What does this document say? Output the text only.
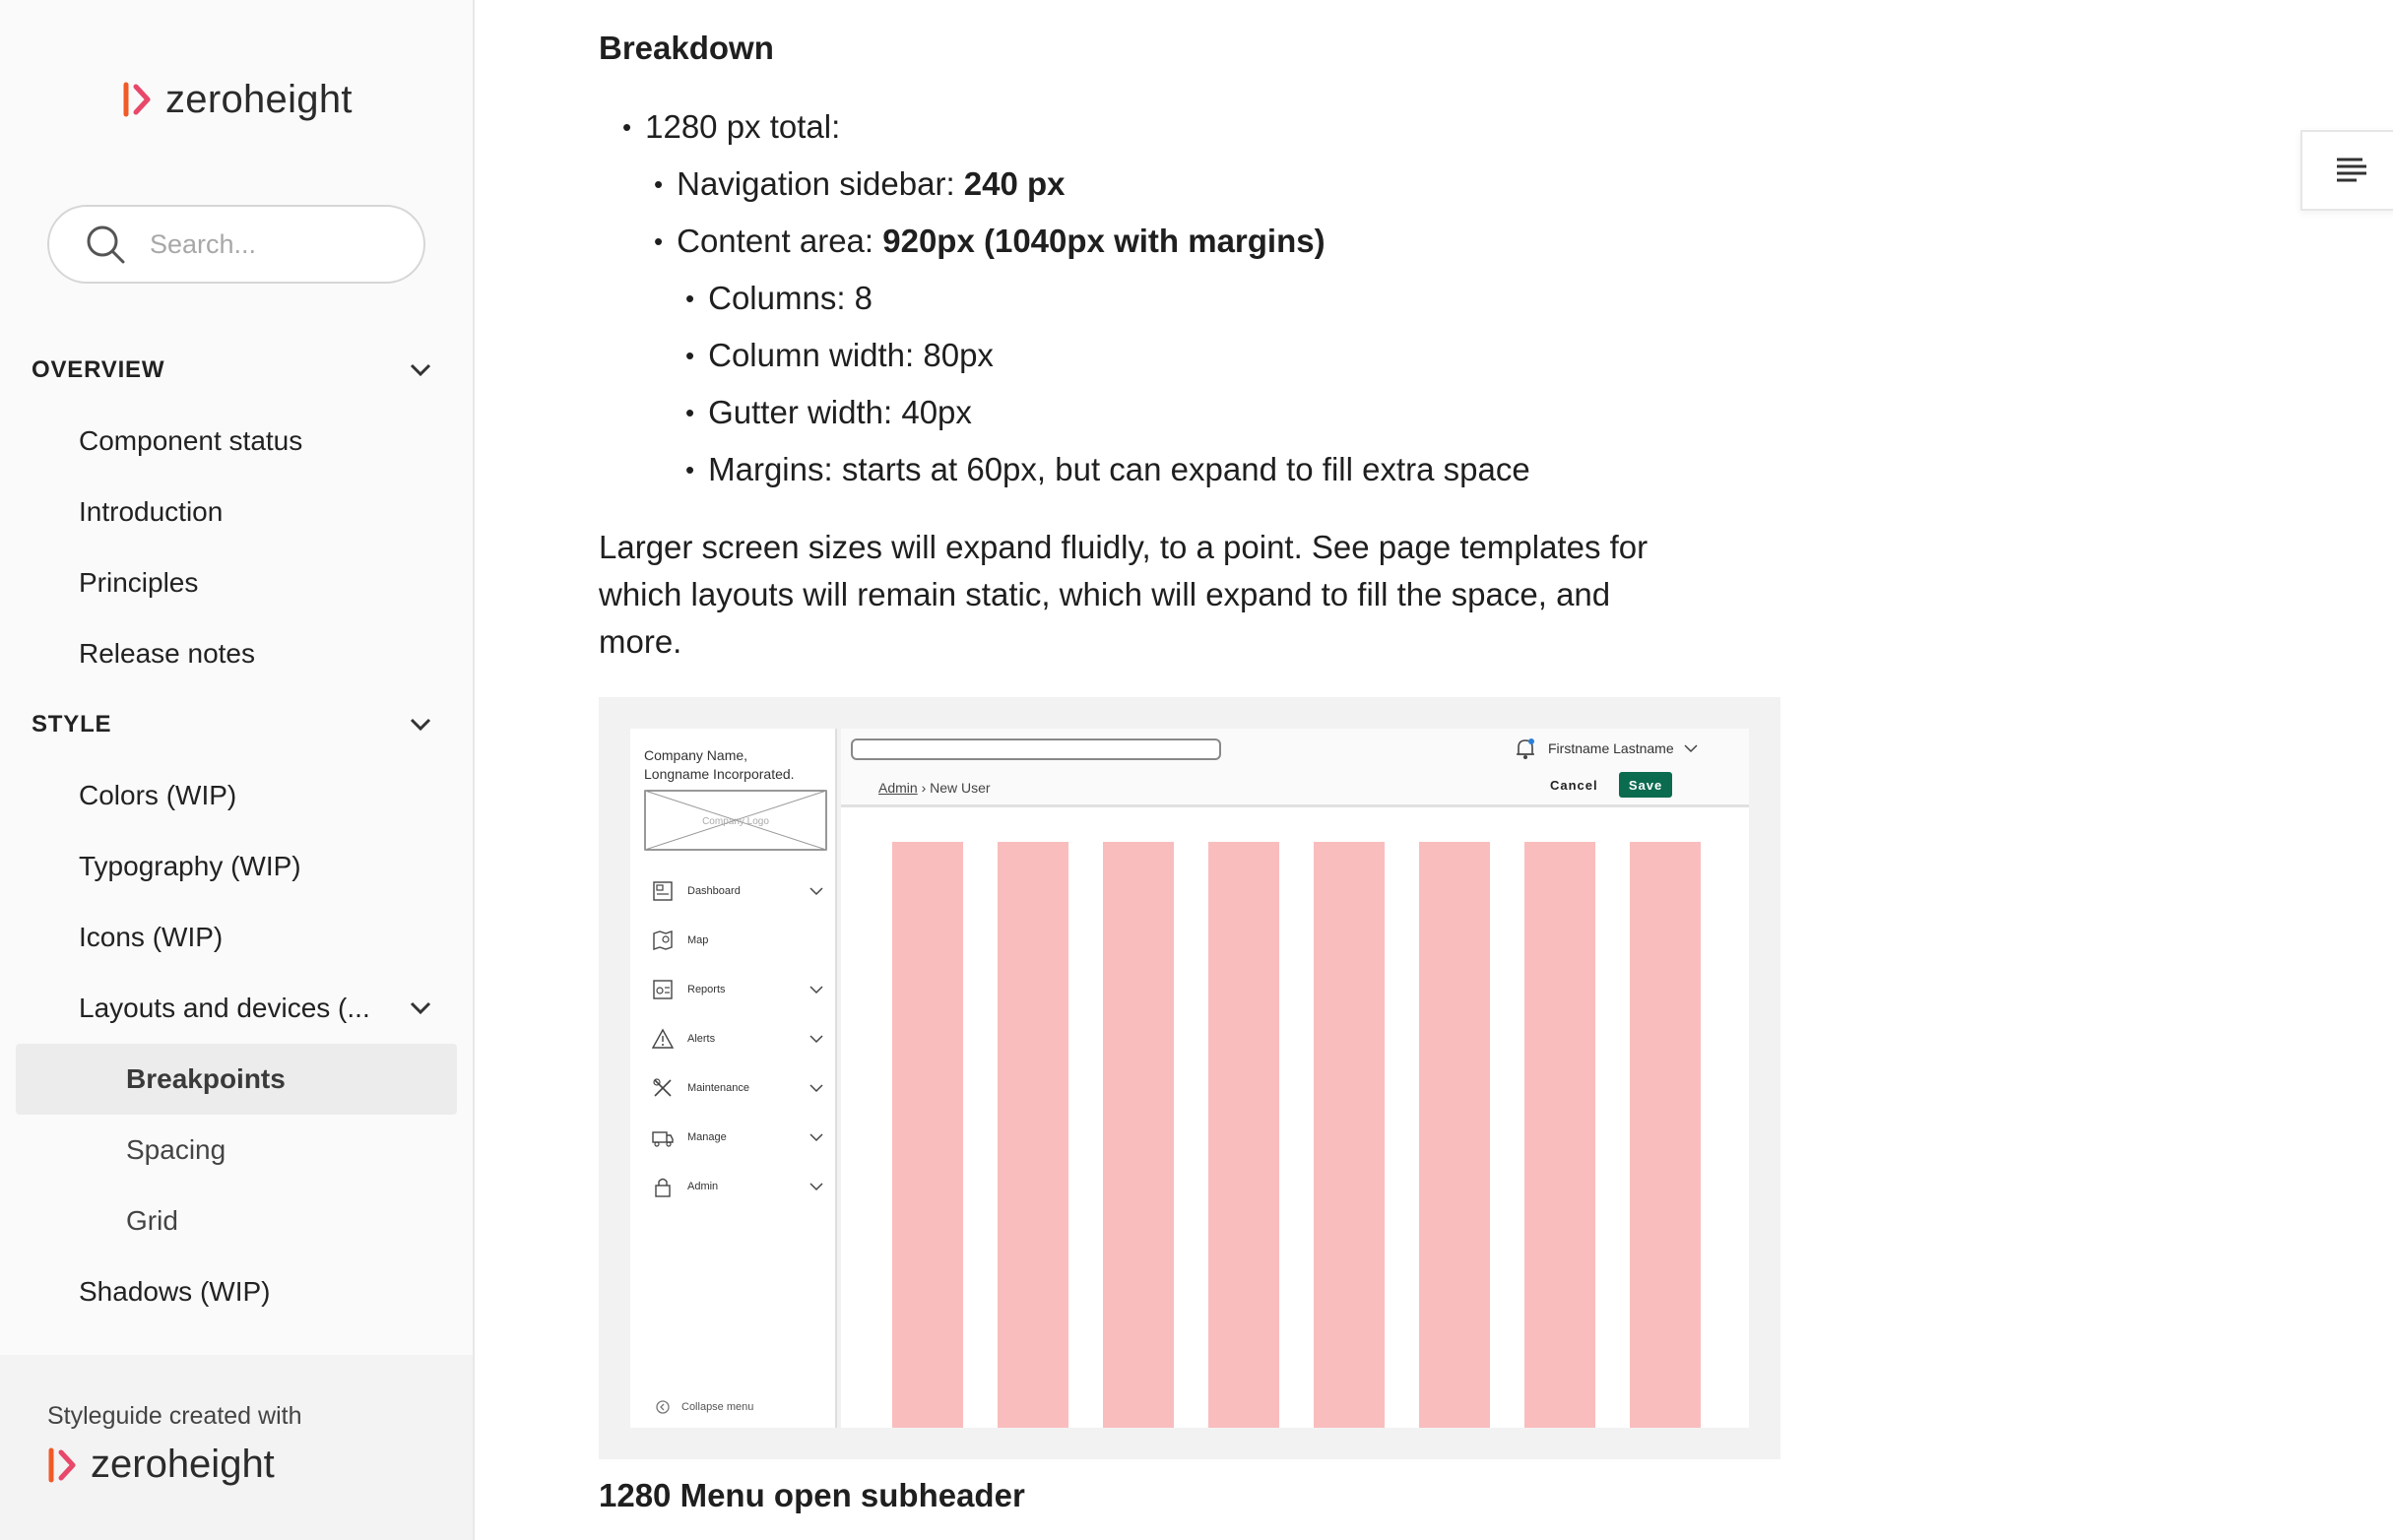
zeroheight
Search...
OVERVIEW
Component status
Introduction
Principles
Release notes
STYLE
Colors (WIP)
Typography (WIP)
Icons (WIP)
Layouts and devices (...
Breakpoints
Spacing
Grid
Shadows (WIP)
Styleguide created with
zeroheight
Breakdown
• 1280 px total:
• Navigation sidebar:
240 px
• Content area:
920px (1040px with margins)
• Columns: 8
• Column width: 80px
• Gutter width: 40px
• Margins: starts at 60px, but can expand to fill extra space

Larger screen sizes will expand fluidly, to a point. See page templates for which layouts will remain static, which will expand to fill the space, and more.

1280 Menu open subheader
Company Name,
Longname Incorporated.
Company Logo
Dashboard
Map
Reports
Alerts
Maintenance
Manage
Admin
Collapse menu
Firstname Lastname
Admin › New User	Cancel	Save
